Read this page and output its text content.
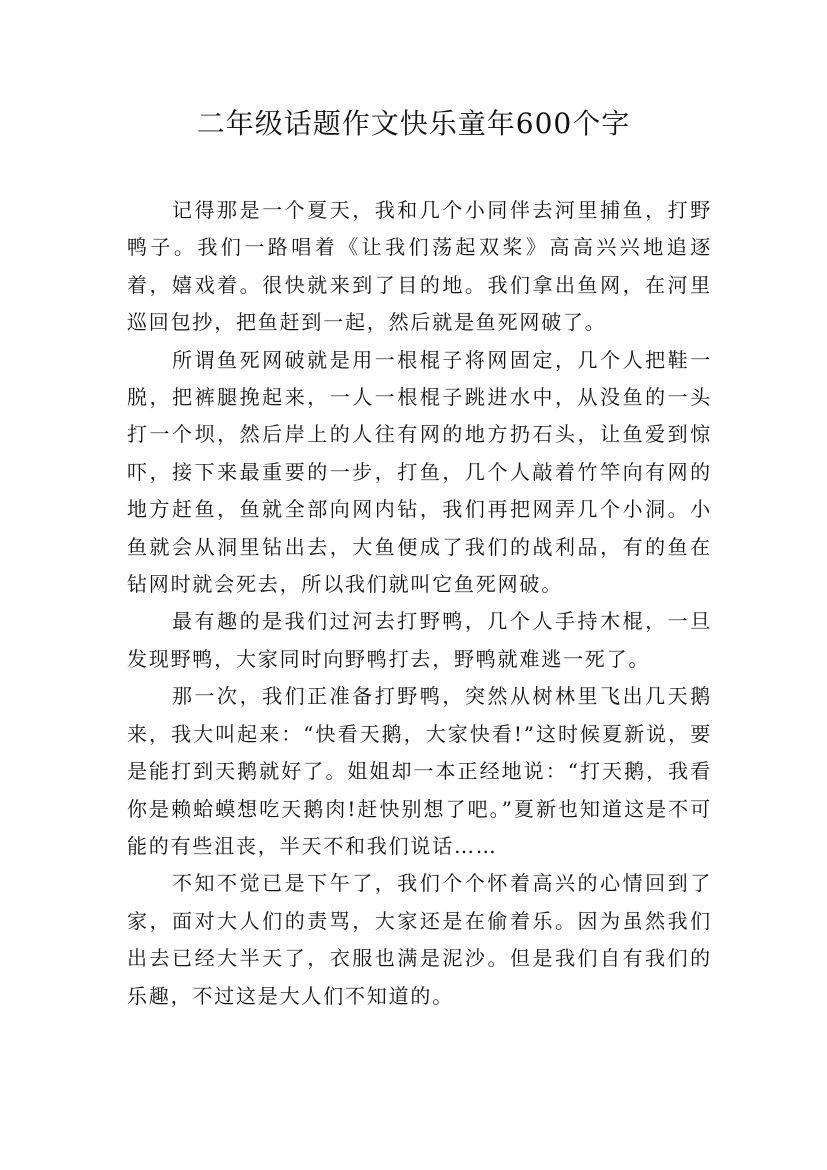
二年级话题作文快乐童年600个字

记得那是一个夏天，我和几个小同伴去河里捕鱼，打野鸭子。我们一路唱着《让我们荡起双桨》高高兴兴地追逐着，嬉戏着。很快就来到了目的地。我们拿出鱼网，在河里巡回包抄，把鱼赶到一起，然后就是鱼死网破了。

所谓鱼死网破就是用一根棍子将网固定，几个人把鞋一脱，把裤腿挽起来，一人一根棍子跳进水中，从没鱼的一头打一个坝，然后岸上的人往有网的地方扔石头，让鱼爱到惊吓，接下来最重要的一步，打鱼，几个人敲着竹竿向有网的地方赶鱼，鱼就全部向网内钻，我们再把网弄几个小洞。小鱼就会从洞里钻出去，大鱼便成了我们的战利品，有的鱼在钻网时就会死去，所以我们就叫它鱼死网破。

最有趣的是我们过河去打野鸭，几个人手持木棍，一旦发现野鸭，大家同时向野鸭打去，野鸭就难逃一死了。

那一次，我们正准备打野鸭，突然从树林里飞出几天鹅来，我大叫起来：“快看天鹅，大家快看!”这时候夏新说，要是能打到天鹅就好了。姐姐却一本正经地说：“打天鹅，我看你是赖蛤蟆想吃天鹅肉!赶快别想了吧。”夏新也知道这是不可能的有些沮丧，半天不和我们说话……

不知不觉已是下午了，我们个个怀着高兴的心情回到了家，面对大人们的责骂，大家还是在偷着乐。因为虽然我们出去已经大半天了，衣服也满是泥沙。但是我们自有我们的乐趣，不过这是大人们不知道的。
